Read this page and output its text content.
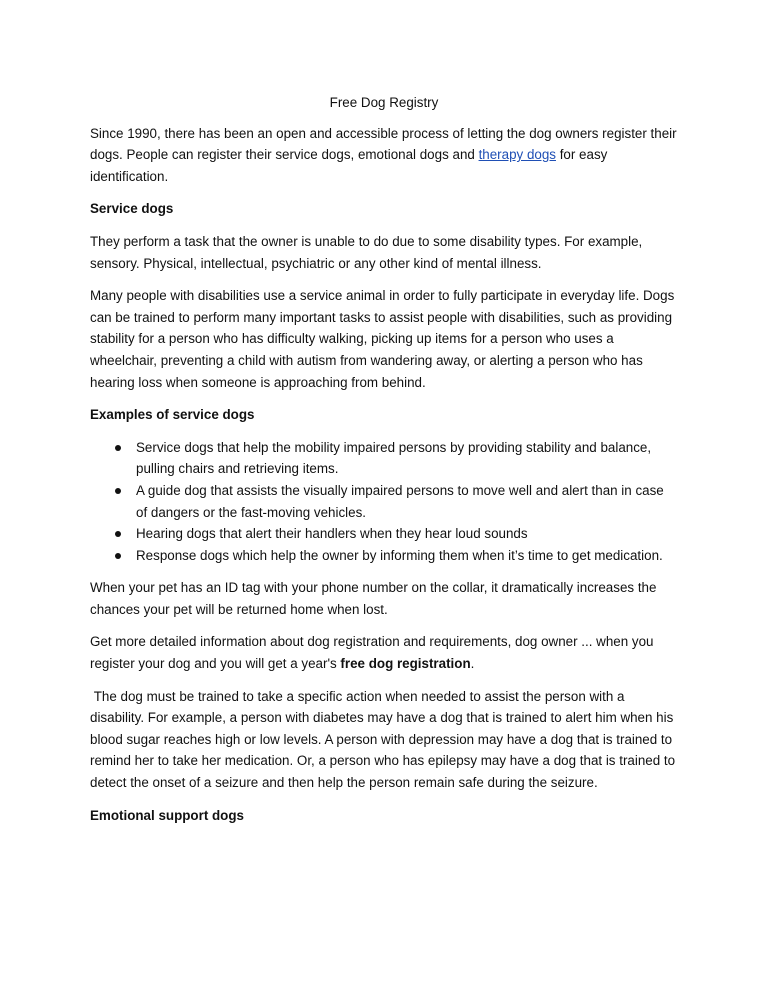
Free Dog Registry

Since 1990, there has been an open and accessible process of letting the dog owners register their dogs. People can register their service dogs, emotional dogs and therapy dogs for easy identification.

Service dogs

They perform a task that the owner is unable to do due to some disability types. For example, sensory. Physical, intellectual, psychiatric or any other kind of mental illness.

Many people with disabilities use a service animal in order to fully participate in everyday life. Dogs can be trained to perform many important tasks to assist people with disabilities, such as providing stability for a person who has difficulty walking, picking up items for a person who uses a wheelchair, preventing a child with autism from wandering away, or alerting a person who has hearing loss when someone is approaching from behind.

Examples of service dogs
Service dogs that help the mobility impaired persons by providing stability and balance, pulling chairs and retrieving items.
A guide dog that assists the visually impaired persons to move well and alert than in case of dangers or the fast-moving vehicles.
Hearing dogs that alert their handlers when they hear loud sounds
Response dogs which help the owner by informing them when it’s time to get medication.

When your pet has an ID tag with your phone number on the collar, it dramatically increases the chances your pet will be returned home when lost.

Get more detailed information about dog registration and requirements, dog owner ... when you register your dog and you will get a year's free dog registration.

The dog must be trained to take a specific action when needed to assist the person with a disability. For example, a person with diabetes may have a dog that is trained to alert him when his blood sugar reaches high or low levels. A person with depression may have a dog that is trained to remind her to take her medication. Or, a person who has epilepsy may have a dog that is trained to detect the onset of a seizure and then help the person remain safe during the seizure.

Emotional support dogs
